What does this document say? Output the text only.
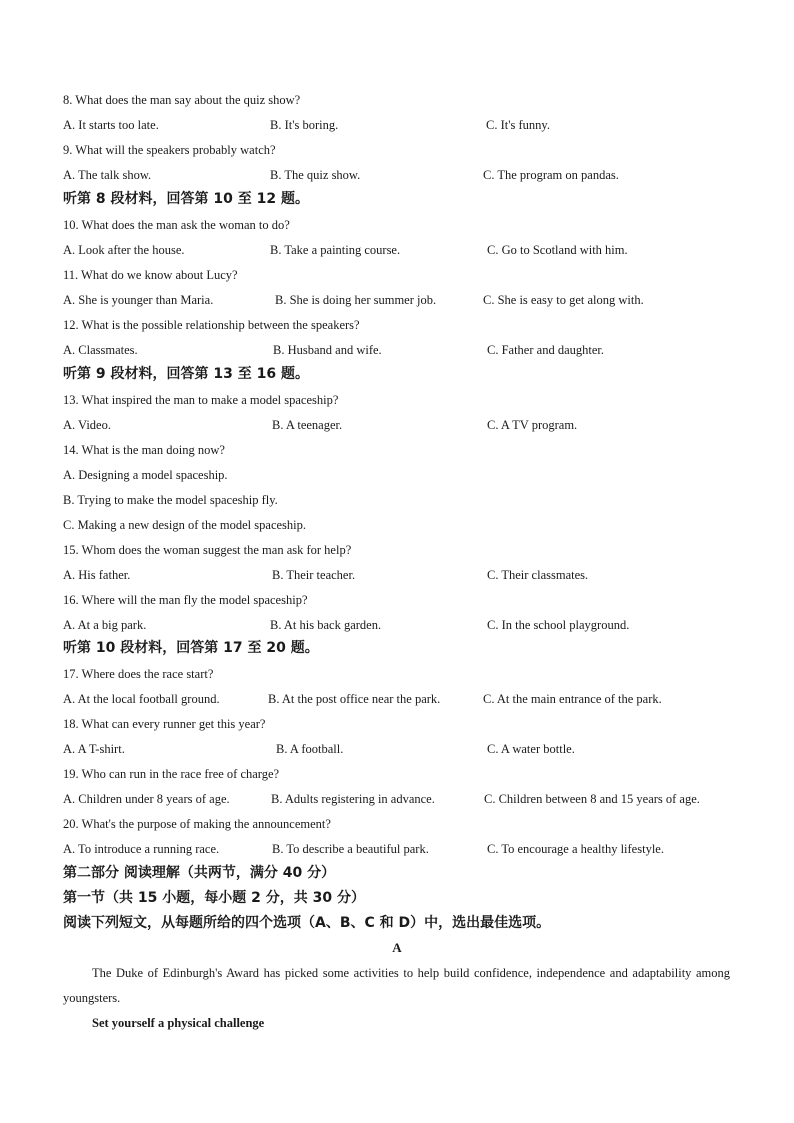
8. What does the man say about the quiz show?
A. It starts too late.	B. It's boring.	C. It's funny.
9. What will the speakers probably watch?
A. The talk show.	B. The quiz show.	C. The program on pandas.
听第 8 段材料，回答第 10 至 12 题。
10. What does the man ask the woman to do?
A. Look after the house.	B. Take a painting course.	C. Go to Scotland with him.
11. What do we know about Lucy?
A. She is younger than Maria.	B. She is doing her summer job.	C. She is easy to get along with.
12. What is the possible relationship between the speakers?
A. Classmates.	B. Husband and wife.	C. Father and daughter.
听第 9 段材料，回答第 13 至 16 题。
13. What inspired the man to make a model spaceship?
A. Video.	B. A teenager.	C. A TV program.
14. What is the man doing now?
A. Designing a model spaceship.
B. Trying to make the model spaceship fly.
C. Making a new design of the model spaceship.
15. Whom does the woman suggest the man ask for help?
A. His father.	B. Their teacher.	C. Their classmates.
16. Where will the man fly the model spaceship?
A. At a big park.	B. At his back garden.	C. In the school playground.
听第 10 段材料，回答第 17 至 20 题。
17. Where does the race start?
A. At the local football ground.	B. At the post office near the park.	C. At the main entrance of the park.
18. What can every runner get this year?
A. A T-shirt.	B. A football.	C. A water bottle.
19. Who can run in the race free of charge?
A. Children under 8 years of age.	B. Adults registering in advance.	C. Children between 8 and 15 years of age.
20. What's the purpose of making the announcement?
A. To introduce a running race.	B. To describe a beautiful park.	C. To encourage a healthy lifestyle.
第二部分 阅读理解（共两节，满分 40 分）
第一节（共 15 小题，每小题 2 分，共 30 分）
阅读下列短文，从每题所给的四个选项（A、B、C 和 D）中，选出最佳选项。
A
The Duke of Edinburgh's Award has picked some activities to help build confidence, independence and adaptability among youngsters.
Set yourself a physical challenge
